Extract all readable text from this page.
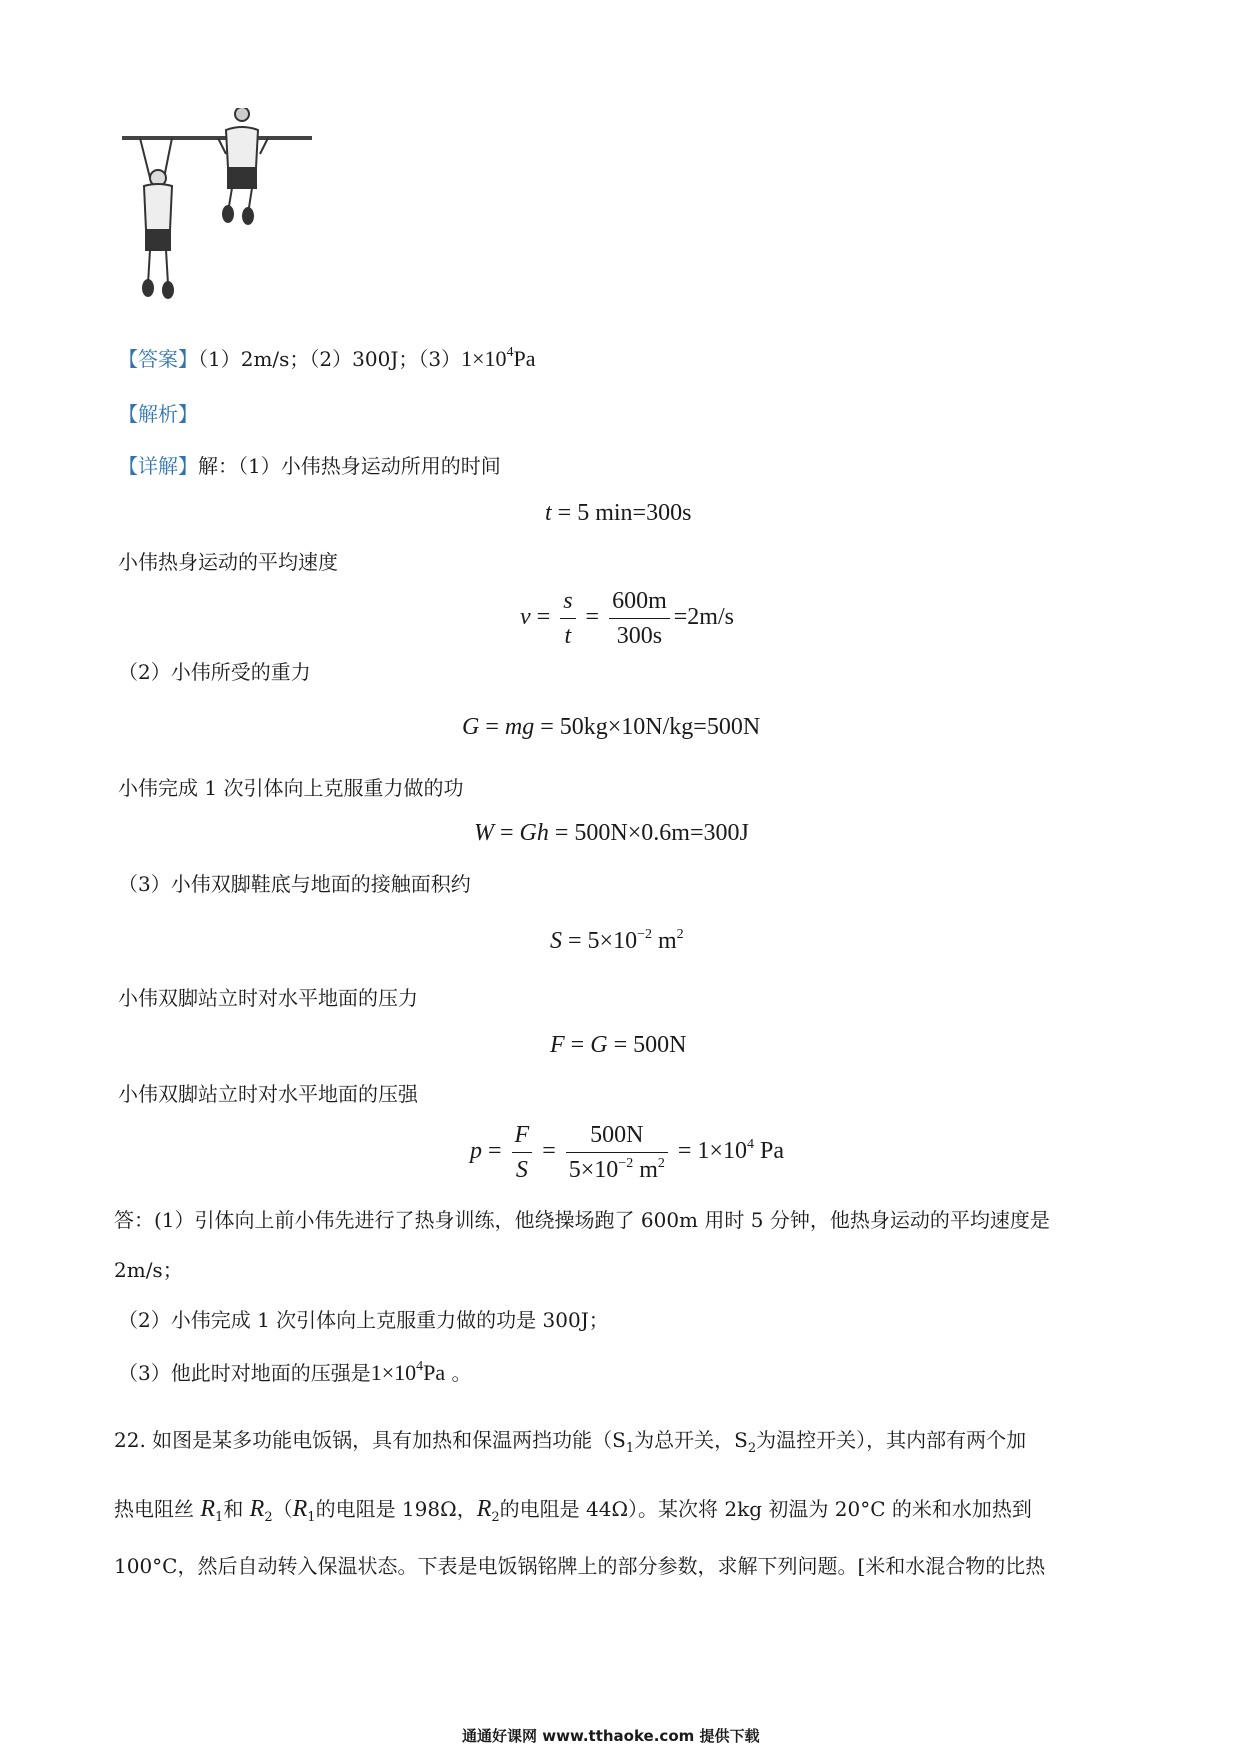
【答案】（1）2m/s；（2）300J；$(3)1\times 10^4Pa$
【解析】
【详解】解：（1）小伟热身运动所用的时间
t = 5 min=300s
小伟热身运动的平均速度
$v = \frac{s}{t} = \frac{600m}{300s} =2m/s$
（2）小伟所受的重力
G = mg = 50kg×10N/kg=500N
小伟完成 1 次引体向上克服重力做的功
W = Gh = 500N×0.6m=300J
（3）小伟双脚鞋底与地面的接触面积约
$S = 5\times 10^{-2}$ $m^2$
小伟双脚站立时对水平地面的压力
F = G = 500N
小伟双脚站立时对水平地面的压强
$p = \frac{F}{S} = \frac{500N}{5\times 10^{-2} m^2} = 1\times 10^4$ Pa
答：(1）引体向上前小伟先进行了热身训练，他绕操场跑了 600m 用时 5 分钟，他热身运动的平均速度是
2m/s；
（2）小伟完成 1 次引体向上克服重力做的功是 300J；
（3）他此时对地面的压强是$1\times 10^4Pa$ 。
22. 如图是某多功能电饭锅，具有加热和保温两挡功能（$S_1$为总开关，$S_2$为温控开关），其内部有两个加
热电阻丝 $R_1$和 $R_2(R_1$的电阻是 198Ω，$R_2$的电阻是 44Ω）。某次将 2kg 初温为 20°C 的米和水加热到
100°C，然后自动转入保温状态。下表是电饭锅铭牌上的部分参数，求解下列问题。[米和水混合物的比热
通通好课网 www.tthaoke.com 提供下载
